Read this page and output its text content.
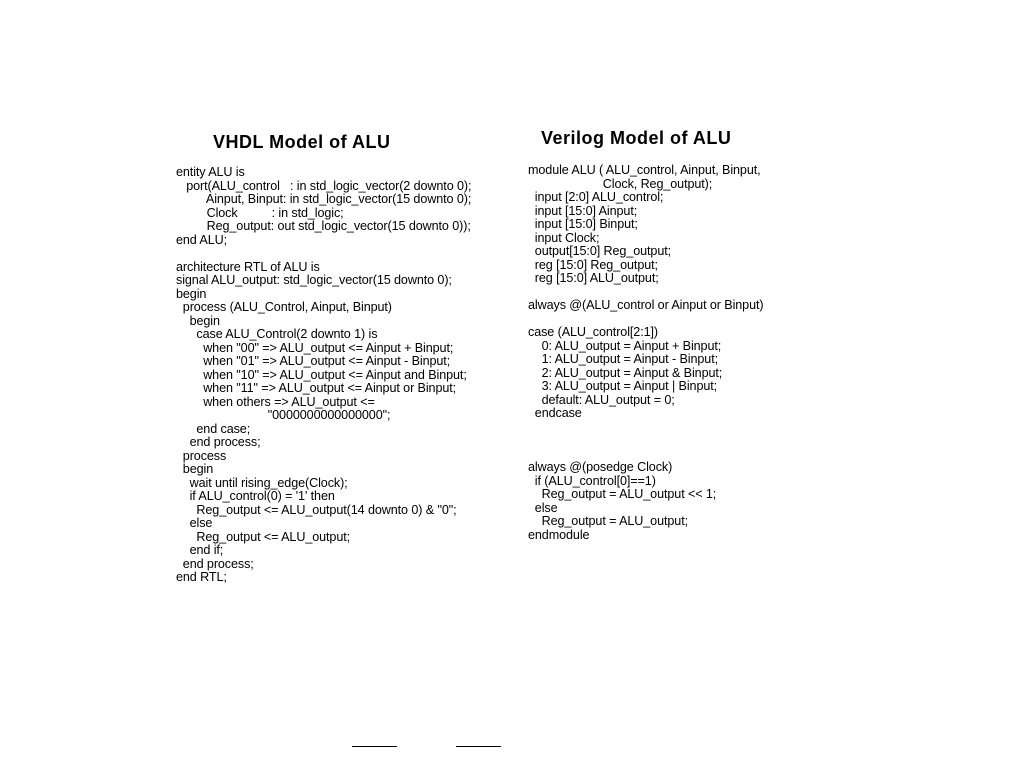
VHDL Model of ALU	Verilog Model of ALU
entity ALU is
port(ALU_control   : in std_logic_vector(2 downto 0);
Ainput, Binput: in std_logic_vector(15 downto 0);
Clock          : in std_logic;
Reg_output: out std_logic_vector(15 downto 0));
end ALU;
architecture RTL of ALU is
signal ALU_output: std_logic_vector(15 downto 0);
begin
process (ALU_Control, Ainput, Binput)
begin
case ALU_Control(2 downto 1) is
when "00" => ALU_output <= Ainput + Binput;
when "01" => ALU_output <= Ainput - Binput;
when "10" => ALU_output <= Ainput and Binput;
when "11" => ALU_output <= Ainput or Binput;
when others => ALU_output <=
"0000000000000000";
end case;
end process;
process
begin
wait until rising_edge(Clock);
if ALU_control(0) = '1' then
Reg_output <= ALU_output(14 downto 0) & "0";
else
Reg_output <= ALU_output;
end if;
end process;
end RTL;
module ALU ( ALU_control, Ainput, Binput,
Clock, Reg_output);
input [2:0] ALU_control;
input [15:0] Ainput;
input [15:0] Binput;
input Clock;
output[15:0] Reg_output;
reg [15:0] Reg_output;
reg [15:0] ALU_output;
always @(ALU_control or Ainput or Binput)
case (ALU_control[2:1])
0: ALU_output = Ainput + Binput;
1: ALU_output = Ainput - Binput;
2: ALU_output = Ainput & Binput;
3: ALU_output = Ainput | Binput;
default: ALU_output = 0;
endcase
always @(posedge Clock)
if (ALU_control[0]==1)
Reg_output = ALU_output << 1;
else
Reg_output = ALU_output;
endmodule
